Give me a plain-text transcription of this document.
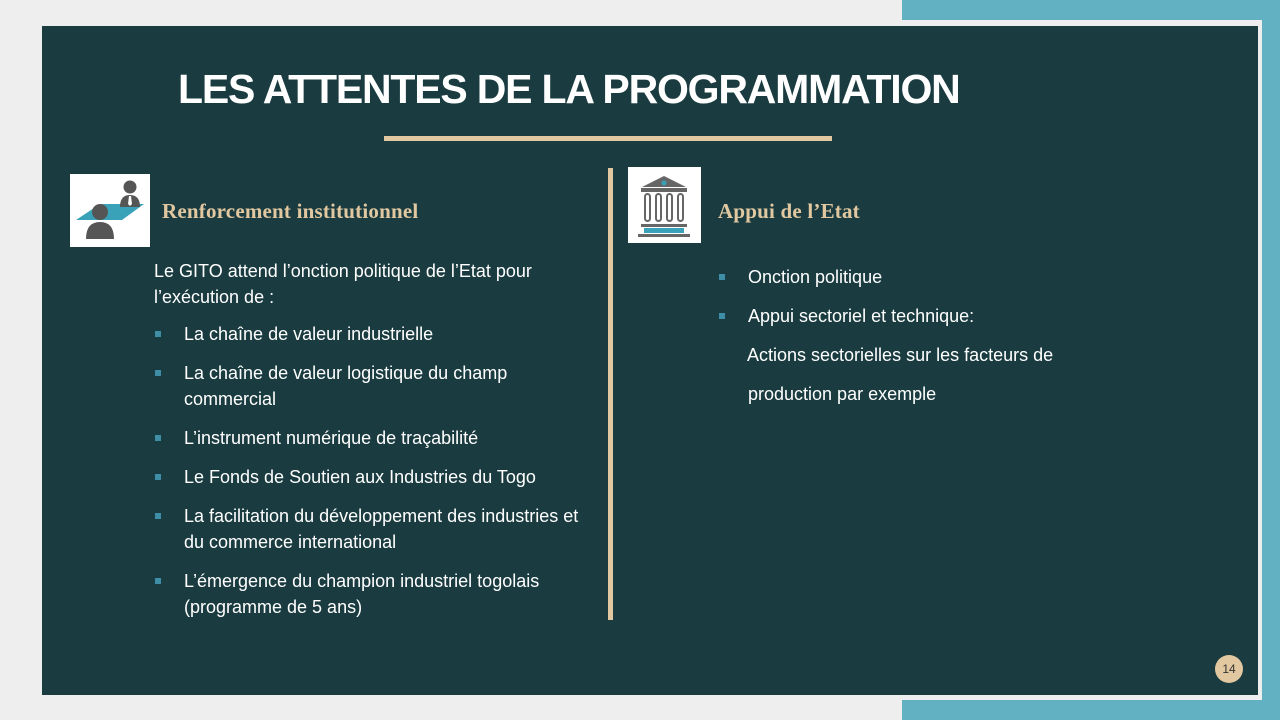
LES ATTENTES DE LA PROGRAMMATION
Renforcement institutionnel

Le GITO attend l’onction politique de l’Etat pour l’exécution de :

La chaîne de valeur industrielle
La chaîne de valeur logistique du champ commercial
L’instrument numérique de traçabilité
Le Fonds de Soutien aux Industries du Togo
La facilitation du développement des industries et du commerce international
L’émergence du champion industriel togolais (programme de 5 ans)
Appui de l’Etat
Onction politique
Appui sectoriel et technique:
Actions sectorielles sur les facteurs de
production par exemple
14
